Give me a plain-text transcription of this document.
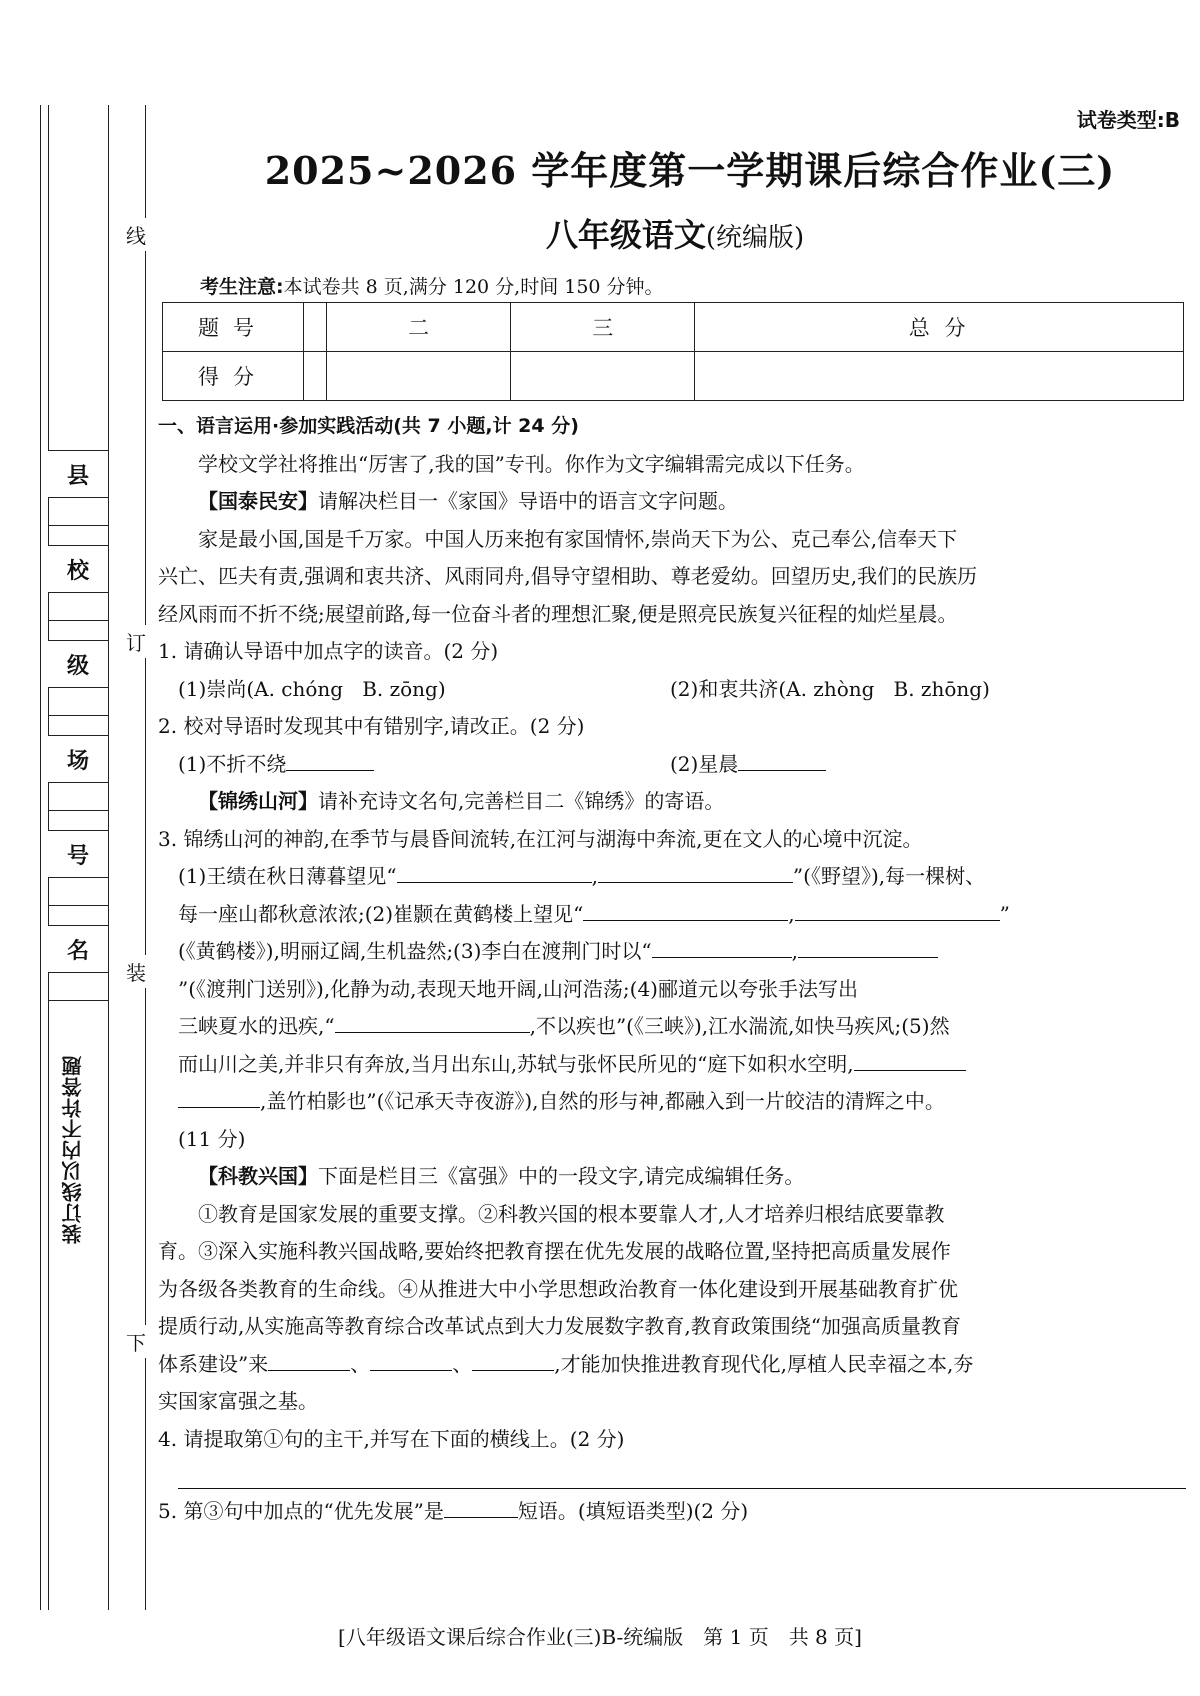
线
订
装
下
县
校
级
场
号
名
装订线以内不许答题
试卷类型:B
2025~2026 学年度第一学期课后综合作业(三)
八年级语文(统编版)
考生注意:本试卷共 8 页,满分 120 分,时间 150 分钟。
题号		二	三	总 分
得分				

一、语言运用·参加实践活动(共 7 小题,计 24 分)

学校文学社将推出“厉害了,我的国”专刊。你作为文字编辑需完成以下任务。

【国泰民安】请解决栏目一《家国》导语中的语言文字问题。

家是最小国,国是千万家。中国人历来抱有家国情怀,崇尚天下为公、克己奉公,信奉天下

兴亡、匹夫有责,强调和衷共济、风雨同舟,倡导守望相助、尊老爱幼。回望历史,我们的民族历

经风雨而不折不绕;展望前路,每一位奋斗者的理想汇聚,便是照亮民族复兴征程的灿烂星晨。

1. 请确认导语中加点字的读音。(2 分)

(1)崇尚(A. chóng B. zōng)	(2)和衷共济(A. zhòng B. zhōng)

2. 校对导语时发现其中有错别字,请改正。(2 分)

(1)不折不绕	(2)星晨

【锦绣山河】请补充诗文名句,完善栏目二《锦绣》的寄语。

3. 锦绣山河的神韵,在季节与晨昏间流转,在江河与湖海中奔流,更在文人的心境中沉淀。

(1)王绩在秋日薄暮望见“	,	”(《野望》),每一棵树、

每一座山都秋意浓浓;(2)崔颢在黄鹤楼上望见“	,	”

(《黄鹤楼》),明丽辽阔,生机盎然;(3)李白在渡荆门时以“	,

”(《渡荆门送别》),化静为动,表现天地开阔,山河浩荡;(4)郦道元以夸张手法写出

三峡夏水的迅疾,“	,不以疾也”(《三峡》),江水湍流,如快马疾风;(5)然

而山川之美,并非只有奔放,当月出东山,苏轼与张怀民所见的“庭下如积水空明,

,盖竹柏影也”(《记承天寺夜游》),自然的形与神,都融入到一片皎洁的清辉之中。

(11 分)

【科教兴国】下面是栏目三《富强》中的一段文字,请完成编辑任务。

①教育是国家发展的重要支撑。②科教兴国的根本要靠人才,人才培养归根结底要靠教

育。③深入实施科教兴国战略,要始终把教育摆在优先发展的战略位置,坚持把高质量发展作

为各级各类教育的生命线。④从推进大中小学思想政治教育一体化建设到开展基础教育扩优

提质行动,从实施高等教育综合改革试点到大力发展数字教育,教育政策围绕“加强高质量教育

体系建设”来	、	、	,才能加快推进教育现代化,厚植人民幸福之本,夯

实国家富强之基。

4. 请提取第①句的主干,并写在下面的横线上。(2 分)

5. 第③句中加点的“优先发展”是	短语。(填短语类型)(2 分)

[八年级语文课后综合作业(三)B-统编版　第 1 页　共 8 页]
